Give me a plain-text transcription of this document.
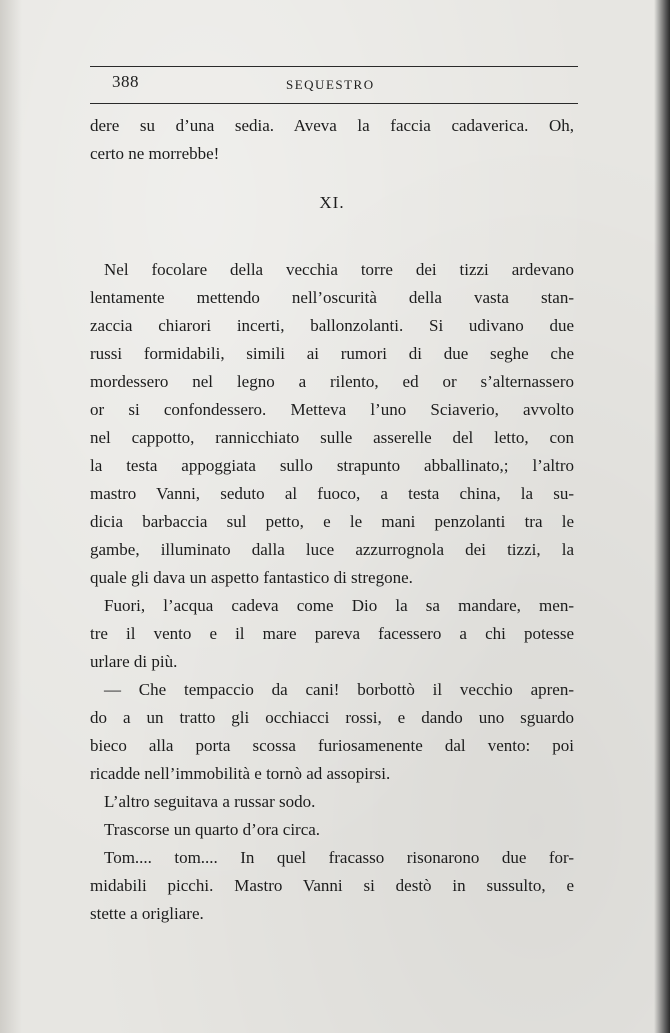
388	SEQUESTRO
dere su d’una sedia. Aveva la faccia cadaverica. Oh,
certo ne morrebbe!
XI.
Nel focolare della vecchia torre dei tizzi ardevano
lentamente mettendo nell’oscurità della vasta stan-
zaccia chiarori incerti, ballonzolanti. Si udivano due
russi formidabili, simili ai rumori di due seghe che
mordessero nel legno a rilento, ed or s’alternassero
or si confondessero. Metteva l’uno Sciaverio, avvolto
nel cappotto, rannicchiato sulle asserelle del letto, con
la testa appoggiata sullo strapunto abballinato,; l’altro
mastro Vanni, seduto al fuoco, a testa china, la su-
dicia barbaccia sul petto, e le mani penzolanti tra le
gambe, illuminato dalla luce azzurrognola dei tizzi, la
quale gli dava un aspetto fantastico di stregone.
Fuori, l’acqua cadeva come Dio la sa mandare, men-
tre il vento e il mare pareva facessero a chi potesse
urlare di più.
— Che tempaccio da cani! borbottò il vecchio apren-
do a un tratto gli occhiacci rossi, e dando uno sguardo
bieco alla porta scossa furiosamenente dal vento: poi
ricadde nell’immobilità e tornò ad assopirsi.
L’altro seguitava a russar sodo.
Trascorse un quarto d’ora circa.
Tom.... tom.... In quel fracasso risonarono due for-
midabili picchi. Mastro Vanni si destò in sussulto, e
stette a origliare.
